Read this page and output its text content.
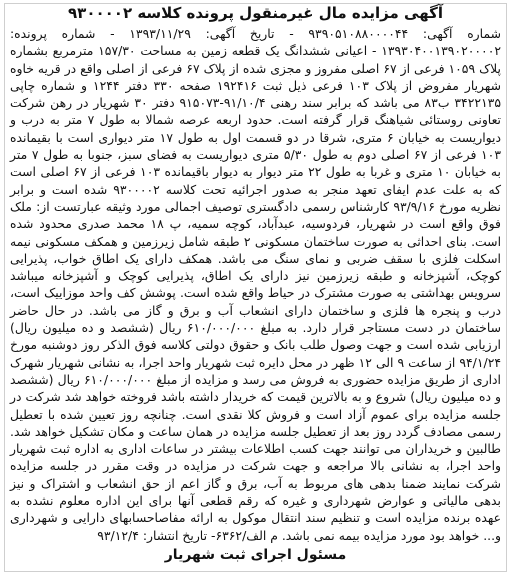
آگهی مزایده مال غیرمنقول پرونده کلاسه ۹۳۰۰۰۰۲

شماره آگهی: ۹۳۹۰۵۱۰۸۸۰۰۰۰۴۴ - تاریخ آگهی: ۱۳۹۳/۱۱/۲۹ - شماره پرونده: ۱۳۹۳۰۴۰۰۱۳۹۰۲۰۰۰۰۲ - اعیانی ششدانگ یک قطعه زمین به مساحت ۱۵۷/۳۰ مترمربع بشماره پلاک ۱۰۵۹ فرعی از ۶۷ اصلی مفروز و مجزی شده از پلاک ۶۷ فرعی از اصلی واقع در قریه خاوه شهریار مفروض از پلاک ۱۰۳ فرعی ذیل ثبت ۱۹۲۴۱۶ صفحه ۳۳۰ دفتر ۱۲۴۴ و شماره چاپی ۳۴۲۲۱۳۵ ب۸۳ می باشد که برابر سند رهنی ۹۱/۱۰/۴-۹۱۵۰۷۳ دفتر ۳۰ شهریار در رهن شرکت تعاونی روستائی شیاهنگ قرار گرفته است. حدود اربعه عرصه شمالا به طول ۷ متر به درب و دیواریست به خیابان ۶ متری، شرقا در دو قسمت اول به طول ۱۷ متر دیواری است با بقیمانده ۱۰۳ فرعی از ۶۷ اصلی دوم به طول ۵/۳۰ متری دیواریست به فضای سبز، جنوبا به طول ۷ متر به خیابان ۱۰ متری و غربا به طول ۲۲ متر دیوار به دیوار باقیمانده ۱۰۳ فرعی از ۶۷ اصلی است که به علت عدم ایفای تعهد منجر به صدور اجرائیه تحت کلاسه ۹۳۰۰۰۰۲ شده است و برابر نظریه مورخ ۹۳/۹/۱۶ کارشناس رسمی دادگستری توصیف اجمالی مورد وثیقه عبارتست از: ملک فوق واقع است در شهریار، فردوسیه، عبدآباد، کوچه سمیه، پ ۱۸ محمد صدری محدود شده است. بنای احداثی به صورت ساختمان مسکونی ۲ طبقه شامل زیرزمین و همکف مسکونی نیمه اسکلت فلزی با سقف ضربی و نمای سنگ می باشد. همکف دارای یک اطاق خواب، پذیرایی کوچک، آشپزخانه و طبقه زیرزمین نیز دارای یک اطاق، پذیرایی کوچک و آشپزخانه میباشد سرویس بهداشتی به صورت مشترک در حیاط واقع شده است. پوشش کف واحد موزاییک است، درب و پنجره ها فلزی و ساختمان دارای انشعاب آب و برق و گاز می باشد. در حال حاضر ساختمان در دست مستاجر قرار دارد. به مبلغ ۶۱۰/۰۰۰/۰۰۰ ریال (ششصد و ده میلیون ریال) ارزیابی شده است و جهت وصول طلب بانک و حقوق دولتی کلاسه فوق الذکر روز دوشنبه مورخ ۹۴/۱/۲۴ از ساعت ۹ الی ۱۲ ظهر در محل دایره ثبت شهریار واحد اجرا، به نشانی شهریار شهرک اداری از طریق مزایده حضوری به فروش می رسد و مزایده از مبلغ ۶۱۰/۰۰۰/۰۰۰ ریال (ششصد و ده میلیون ریال) شروع و به بالاترین قیمت که خریدار داشته باشد فروخته خواهد شد شرکت در جلسه مزایده برای عموم آزاد است و فروش کلا نقدی است. چنانچه روز تعیین شده با تعطیل رسمی مصادف گردد روز بعد از تعطیل جلسه مزایده در همان ساعت و مکان تشکیل خواهد شد. طالبین و خریداران می توانند جهت کسب اطلاعات بیشتر در ساعات اداری به اداره ثبت شهریار واحد اجرا، به نشانی بالا مراجعه و جهت شرکت در مزایده در وقت مقرر در جلسه مزایده شرکت نمایند ضمنا بدهی های مربوط به آب، برق و گاز اعم از حق انشعاب و اشتراک و نیز بدهی مالیاتی و عوارض شهرداری و غیره که رقم قطعی آنها برای این اداره معلوم نشده به عهده برنده مزایده است و تنظیم سند انتقال موکول به ارائه مفاصاحسابهای دارایی و شهرداری و... خواهد بود مورد مزایده بیمه نمی باشد. م الف/۶۳۶۲- تاریخ انتشار: ۹۳/۱۲/۴

مسئول اجرای ثبت شهریار
